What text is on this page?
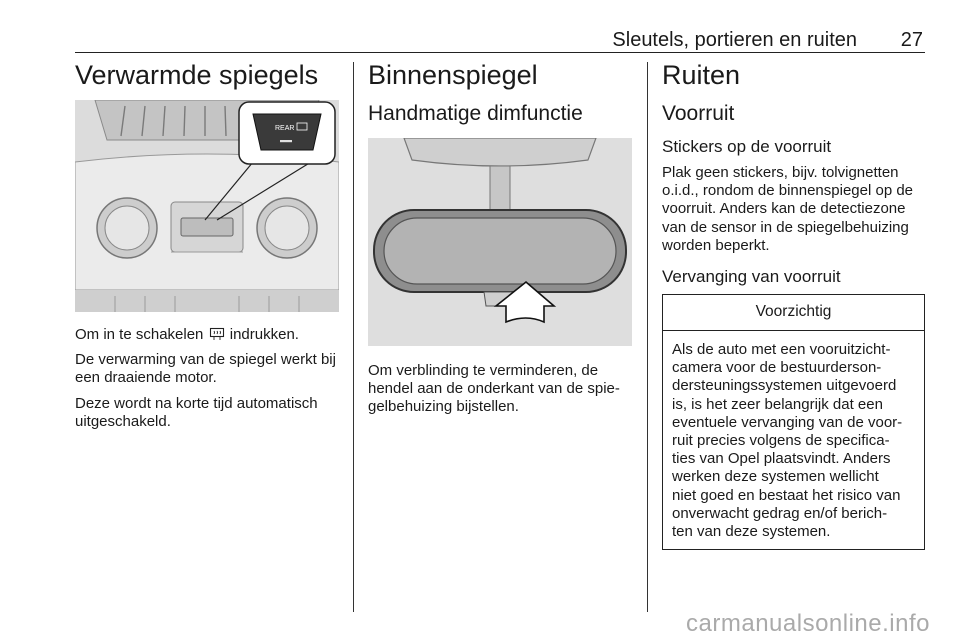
Sleutels, portieren en ruiten 27
Verwarmde spiegels
REAR

Om in te schakelen indrukken.

De verwarming van de spiegel werkt bij een draaiende motor.

Deze wordt na korte tijd automatisch uitgeschakeld.

Binnenspiegel
Handmatige dimfunctie

Om verblinding te verminderen, de
hendel aan de onderkant van de spie-
gelbehuizing bijstellen.

Ruiten
Voorruit
Stickers op de voorruit

Plak geen stickers, bijv. tolvignetten
o.i.d., rondom de binnenspiegel op de
voorruit. Anders kan de detectiezone
van de sensor in de spiegelbehuizing
worden beperkt.

Vervanging van voorruit
Voorzichtig
Als de auto met een vooruitzicht-
camera voor de bestuurderson-
dersteuningssystemen uitgevoerd
is, is het zeer belangrijk dat een
eventuele vervanging van de voor-
ruit precies volgens de specifica-
ties van Opel plaatsvindt. Anders
werken deze systemen wellicht
niet goed en bestaat het risico van
onverwacht gedrag en/of berich-
ten van deze systemen.
carmanualsonline.info
